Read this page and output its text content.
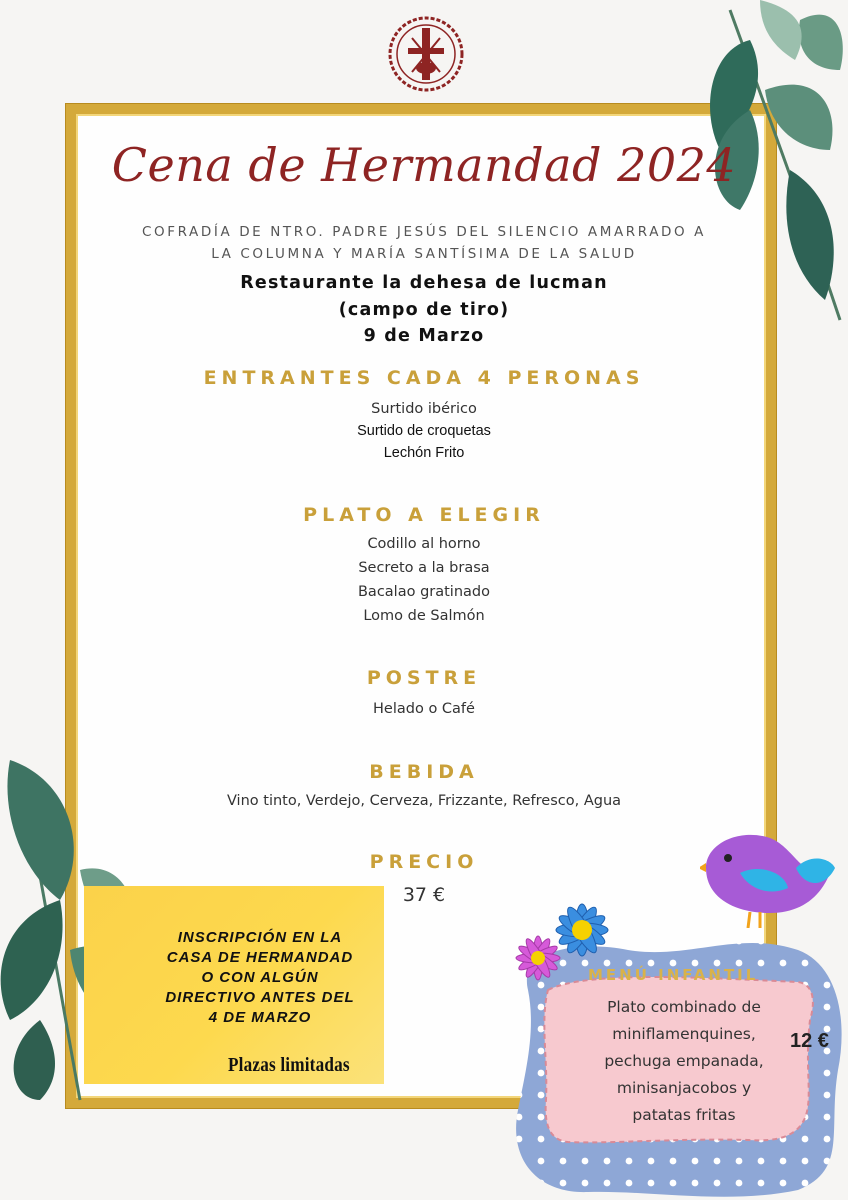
Cena de Hermandad 2024
COFRADÍA DE NTRO. PADRE JESÚS DEL SILENCIO AMARRADO A
LA COLUMNA Y MARÍA SANTÍSIMA DE LA SALUD
Restaurante la dehesa de lucman
(campo de tiro)
9 de Marzo
ENTRANTES CADA 4 PERONAS
Surtido ibérico
Surtido de croquetas
Lechón Frito
PLATO A ELEGIR
Codillo al horno
Secreto a la brasa
Bacalao gratinado
Lomo de Salmón
POSTRE
Helado o Café
BEBIDA
Vino tinto, Verdejo, Cerveza, Frizzante, Refresco, Agua
PRECIO
37 €
INSCRIPCIÓN EN LA
CASA DE HERMANDAD
O CON ALGÚN
DIRECTIVO ANTES DEL
4 DE MARZO
Plazas limitadas
MENÚ INFANTIL
Plato combinado de
miniflamenquines,
pechuga empanada,
minisanjacobos y
patatas fritas
12 €
